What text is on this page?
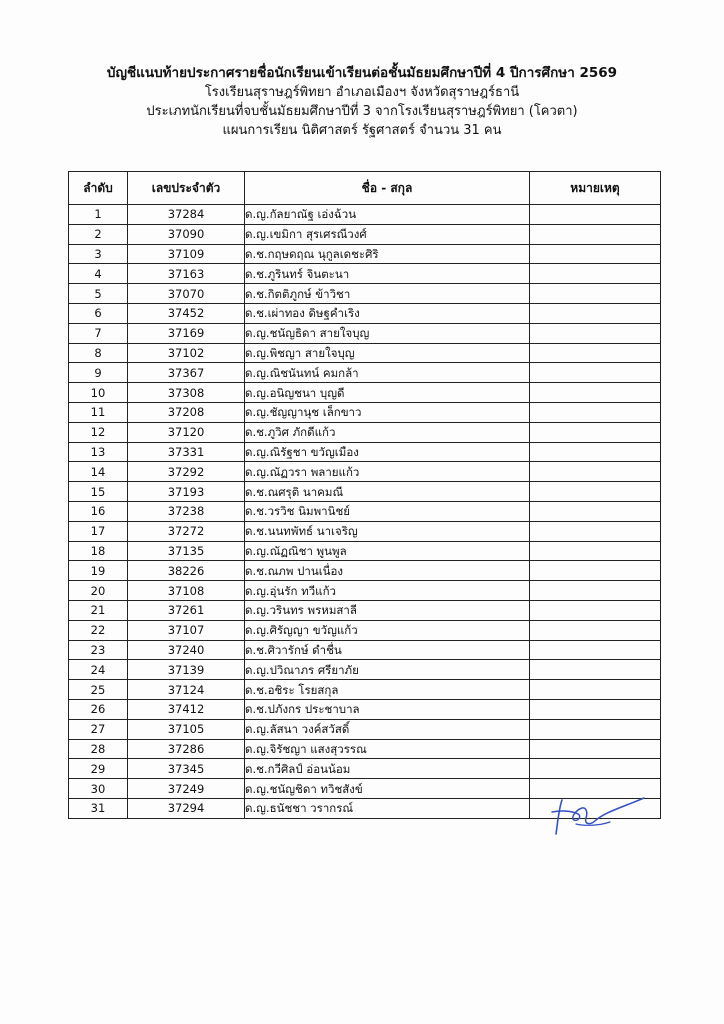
บัญชีแนบท้ายประกาศรายชื่อนักเรียนเข้าเรียนต่อชั้นมัธยมศึกษาปีที่ 4 ปีการศึกษา 2569
โรงเรียนสุราษฎร์พิทยา อำเภอเมืองฯ จังหวัดสุราษฎร์ธานี
ประเภทนักเรียนที่จบชั้นมัธยมศึกษาปีที่ 3 จากโรงเรียนสุราษฎร์พิทยา (โควตา)
แผนการเรียน นิติศาสตร์ รัฐศาสตร์ จำนวน 31 คน
ลำดับ	เลขประจำตัว	ชื่อ - สกุล	หมายเหตุ
1	37284	ด.ญ.กัลยาณัฐ เอ่งฉ้วน	
2	37090	ด.ญ.เขมิกา สุรเศรณีวงศ์	
3	37109	ด.ช.กฤษดฤณ นุกูลเดชะศิริ	
4	37163	ด.ช.ภูรินทร์ จินตะนา	
5	37070	ด.ช.กิตติภูกษ์ ข้าวิชา	
6	37452	ด.ช.เผ่าทอง ดิษฐคำเริง	
7	37169	ด.ญ.ชนัญธิดา สายใจบุญ	
8	37102	ด.ญ.พิชญา สายใจบุญ	
9	37367	ด.ญ.ณิชนันทน์ คมกล้า	
10	37308	ด.ญ.อนิญชนา บุญดี	
11	37208	ด.ญ.ชัญญานุช เล็กขาว	
12	37120	ด.ช.ภูวิศ ภักดีแก้ว	
13	37331	ด.ญ.ณิรัฐชา ขวัญเมือง	
14	37292	ด.ญ.ณัฏวรา พลายแก้ว	
15	37193	ด.ช.ณศรุติ นาคมณี	
16	37238	ด.ช.วรวิช นิมพานิชย์	
17	37272	ด.ช.นนทพัทธ์ นาเจริญ	
18	37135	ด.ญ.ณัฏณิชา พูนพูล	
19	38226	ด.ช.ณภพ ปานเนื่อง	
20	37108	ด.ญ.อุ่นรัก ทวีแก้ว	
21	37261	ด.ญ.วรินทร พรหมสาลี	
22	37107	ด.ญ.ศิรัญญา ขวัญแก้ว	
23	37240	ด.ช.ศิวารักษ์ ดำชื่น	
24	37139	ด.ญ.ปวิณาภร ศรียาภัย	
25	37124	ด.ช.อชิระ โรยสกุล	
26	37412	ด.ช.ปภังกร ประชาบาล	
27	37105	ด.ญ.ลัสนา วงค์สวัสดิ์	
28	37286	ด.ญ.จิรัชญา แสงสุวรรณ	
29	37345	ด.ช.กวีศิลป์ อ่อนน้อม	
30	37249	ด.ญ.ชนัญชิดา ทวิชสังข์	
31	37294	ด.ญ.ธนัชชา วรากรณ์	
